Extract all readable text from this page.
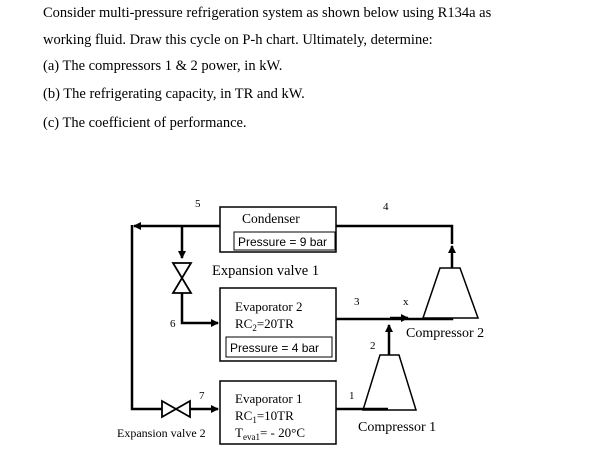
Consider multi-pressure refrigeration system as shown below using R134a as
working fluid. Draw this cycle on P-h chart. Ultimately, determine:
(a) The compressors 1 & 2 power, in kW.
(b) The refrigerating capacity, in TR and kW.
(c) The coefficient of performance.
Condenser
Pressure = 9 bar
Evaporator 2
$RC_2=20TR$
Pressure = 4 bar
Evaporator 1
$RC_1=10TR$
$T_{eva1}= - 20^\circ C$
5	4
3	x
6
2
7	1
Expansion valve 1
Expansion valve 2
Compressor 2
Compressor 1
